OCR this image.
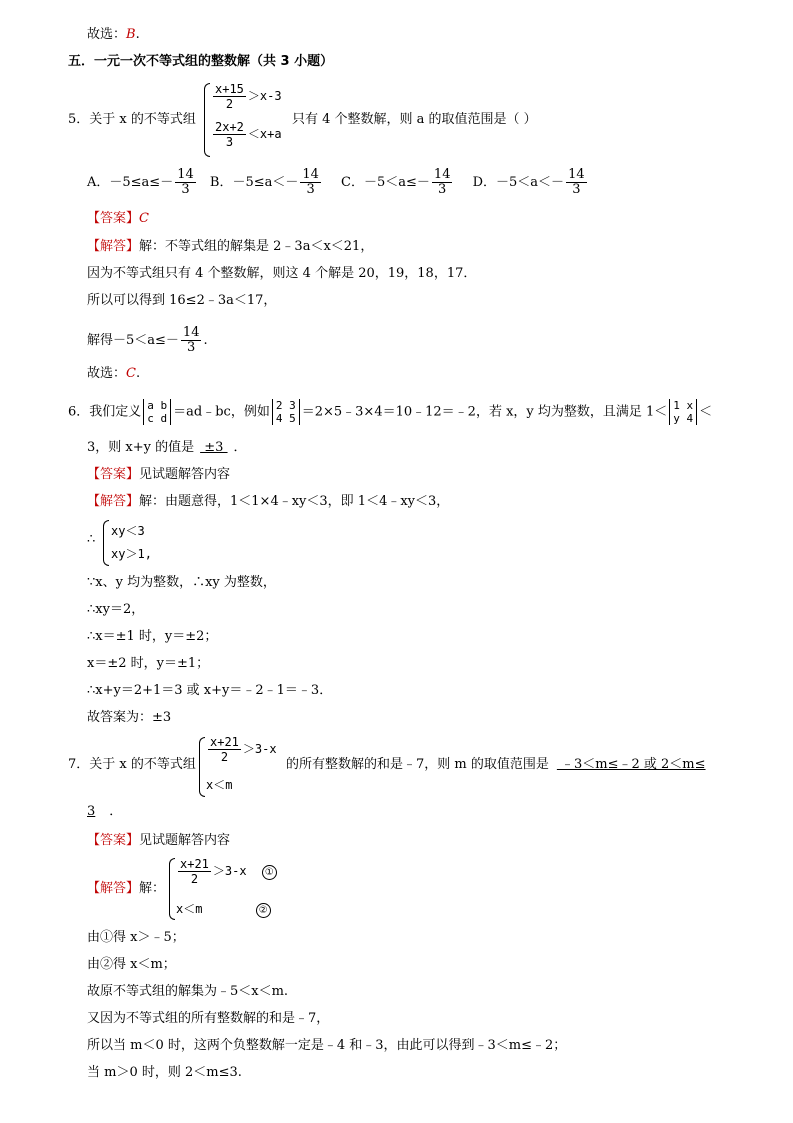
故选：B.
五．一元一次不等式组的整数解（共 3 小题）
5．关于 x 的不等式组
$\frac{x+15}{2} >x-3$
$\frac{2x+2}{3} <x+a$
只有 4 个整数解，则 a 的取值范围是（ ）
A．$-5\le a\le- \frac{14}{3}$ B．$-5\le a<- \frac{14}{3}$ C．$-5<a\le- \frac{14}{3}$ D．$-5<a<- \frac{14}{3}$
【答案】C
【解答】解：不等式组的解集是 2﹣3a＜x＜21，
因为不等式组只有 4 个整数解，则这 4 个解是 20，19，18，17．
所以可以得到 16≤2﹣3a＜17，
解得$-5<a\le- \frac{14}{3}$ .
故选：C.
6．我们定义 a b
c d ＝ad﹣bc，例如 2 3
4 5 ＝2×5﹣3×4＝10﹣12＝﹣2，若 x，y 均为整数，且满足 1＜ 1 x
y 4 ＜
3，则 x+y 的值是 ±3 ．
【答案】见试题解答内容
【解答】解：由题意得，1＜1×4﹣xy＜3，即 1＜4﹣xy＜3，
∴
xy＜3
xy＞1,
∵x、y 均为整数，∴xy 为整数，
∴xy＝2，
∴x＝±1 时，y＝±2；
x＝±2 时，y＝±1；
∴x+y＝2+1＝3 或 x+y＝﹣2﹣1＝﹣3．
故答案为：±3
7．关于 x 的不等式组
$\frac{x+21}{2} >3-x$
x＜m
的所有整数解的和是﹣7，则 m 的取值范围是 ﹣3＜m≤﹣2 或 2＜m≤
3 ．
【答案】见试题解答内容
【解答】解：
$\frac{x+21}{2} >3-x$ ①
x＜m	②
由①得 x＞﹣5；
由②得 x＜m；
故原不等式组的解集为﹣5＜x＜m.
又因为不等式组的所有整数解的和是﹣7，
所以当 m＜0 时，这两个负整数解一定是﹣4 和﹣3，由此可以得到﹣3＜m≤﹣2；
当 m＞0 时，则 2＜m≤3.
